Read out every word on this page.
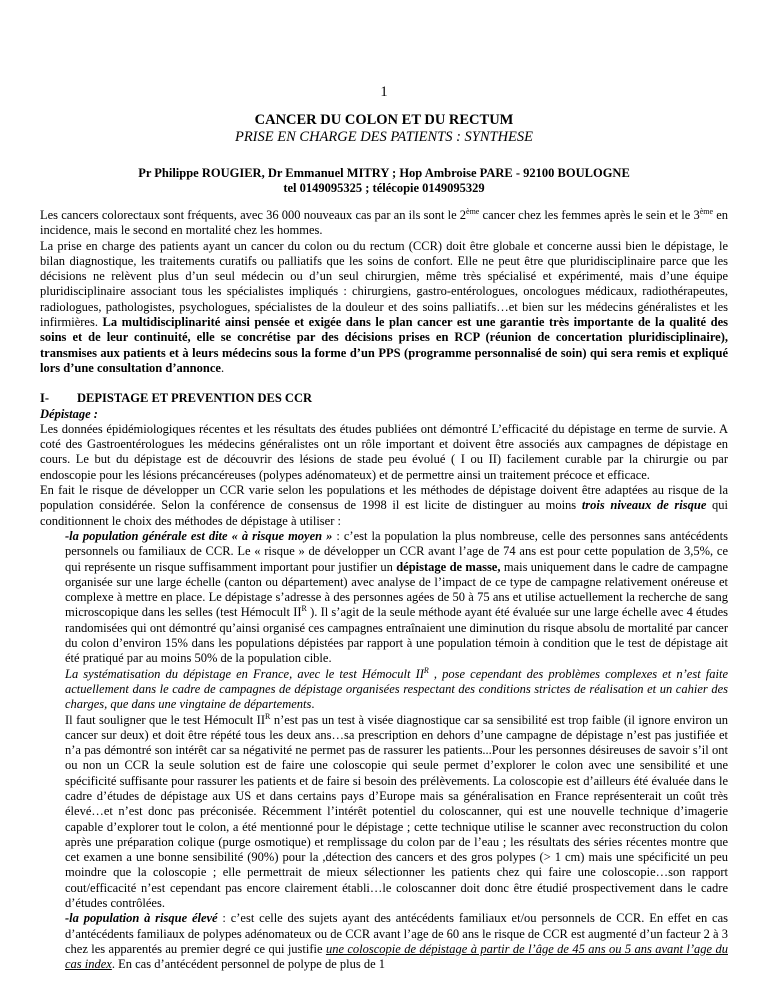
1
CANCER DU COLON ET DU RECTUM
PRISE EN CHARGE DES PATIENTS : SYNTHESE
Pr Philippe ROUGIER, Dr Emmanuel MITRY ; Hop Ambroise PARE - 92100 BOULOGNE
tel 0149095325 ; télécopie 0149095329

Les cancers colorectaux sont fréquents, avec 36 000 nouveaux cas par an ils sont le 2ème cancer chez les femmes après le sein et le 3ème en incidence, mais le second en mortalité chez les hommes.

La prise en charge des patients ayant un cancer du colon ou du rectum (CCR) doit être globale et concerne aussi bien le dépistage, le bilan diagnostique, les traitements curatifs ou palliatifs que les soins de confort. Elle ne peut être que pluridisciplinaire parce que les décisions ne relèvent plus d’un seul médecin ou d’un seul chirurgien, même très spécialisé et expérimenté, mais d’une équipe pluridisciplinaire associant tous les spécialistes impliqués : chirurgiens, gastro-entérologues, oncologues médicaux, radiothérapeutes, radiologues, pathologistes, psychologues, spécialistes de la douleur et des soins palliatifs…et bien sur les médecins généralistes et les infirmières. La multidisciplinarité ainsi pensée et exigée dans le plan cancer est une garantie très importante de la qualité des soins et de leur continuité, elle se concrétise par des décisions prises en RCP (réunion de concertation pluridisciplinaire), transmises aux patients et à leurs médecins sous la forme d’un PPS (programme personnalisé de soin) qui sera remis et expliqué lors d’une consultation d’annonce.

I- DEPISTAGE ET PREVENTION DES CCR

Dépistage :

Les données épidémiologiques récentes et les résultats des études publiées ont démontré L’efficacité du dépistage en terme de survie. A coté des Gastroentérologues les médecins généralistes ont un rôle important et doivent être associés aux campagnes de dépistage en cours. Le but du dépistage est de découvrir des lésions de stade peu évolué ( I ou II) facilement curable par la chirurgie ou par endoscopie pour les lésions précancéreuses (polypes adénomateux) et de permettre ainsi un traitement précoce et efficace.

En fait le risque de développer un CCR varie selon les populations et les méthodes de dépistage doivent être adaptées au risque de la population considérée. Selon la conférence de consensus de 1998 il est licite de distinguer au moins trois niveaux de risque qui conditionnent le choix des méthodes de dépistage à utiliser :

-la population générale est dite « à risque moyen » : c’est la population la plus nombreuse, celle des personnes sans antécédents personnels ou familiaux de CCR. Le « risque » de développer un CCR avant l’age de 74 ans est pour cette population de 3,5%, ce qui représente un risque suffisamment important pour justifier un dépistage de masse, mais uniquement dans le cadre de campagne organisée sur une large échelle (canton ou département) avec analyse de l’impact de ce type de campagne relativement onéreuse et complexe à mettre en place. Le dépistage s’adresse à des personnes agées de 50 à 75 ans et utilise actuellement la recherche de sang microscopique dans les selles (test Hémocult $II^R$ ). Il s’agit de la seule méthode ayant été évaluée sur une large échelle avec 4 études randomisées qui ont démontré qu’ainsi organisé ces campagnes entraînaient une diminution du risque absolu de mortalité par cancer du colon d’environ 15% dans les populations dépistées par rapport à une population témoin à condition que le test de dépistage ait été pratiqué par au moins 50% de la population cible.

La systématisation du dépistage en France, avec le test Hémocult $II^R$ , pose cependant des problèmes complexes et n’est faite actuellement dans le cadre de campagnes de dépistage organisées respectant des conditions strictes de réalisation et un cahier des charges, que dans une vingtaine de départements.

Il faut souligner que le test Hémocult $II^R$ n’est pas un test à visée diagnostique car sa sensibilité est trop faible (il ignore environ un cancer sur deux) et doit être répété tous les deux ans…sa prescription en dehors d’une campagne de dépistage n’est pas justifiée et n’a pas démontré son intérêt car sa négativité ne permet pas de rassurer les patients...Pour les personnes désireuses de savoir s’il ont ou non un CCR la seule solution est de faire une coloscopie qui seule permet d’explorer le colon avec une sensibilité et une spécificité suffisante pour rassurer les patients et de faire si besoin des prélèvements. La coloscopie est d’ailleurs été évaluée dans le cadre d’études de dépistage aux US et dans certains pays d’Europe mais sa généralisation en France représenterait un coût très élevé…et n’est donc pas préconisée. Récemment l’intérêt potentiel du coloscanner, qui est une nouvelle technique d’imagerie capable d’explorer tout le colon, a été mentionné pour le dépistage ; cette technique utilise le scanner avec reconstruction du colon après une préparation colique (purge osmotique) et remplissage du colon par de l’eau ; les résultats des séries récentes montre que cet examen a une bonne sensibilité (90%) pour la ,détection des cancers et des gros polypes (> 1 cm) mais une spécificité un peu moindre que la coloscopie ; elle permettrait de mieux sélectionner les patients chez qui faire une coloscopie…son rapport cout/efficacité n’est cependant pas encore clairement établi…le coloscanner doit donc être étudié prospectivement dans le cadre d’études contrôlées.

-la population à risque élevé : c’est celle des sujets ayant des antécédents familiaux et/ou personnels de CCR. En effet en cas d’antécédents familiaux de polypes adénomateux ou de CCR avant l’age de 60 ans le risque de CCR est augmenté d’un facteur 2 à 3 chez les apparentés au premier degré ce qui justifie une coloscopie de dépistage à partir de l’âge de 45 ans ou 5 ans avant l’age du cas index. En cas d’antécédent personnel de polype de plus de 1
